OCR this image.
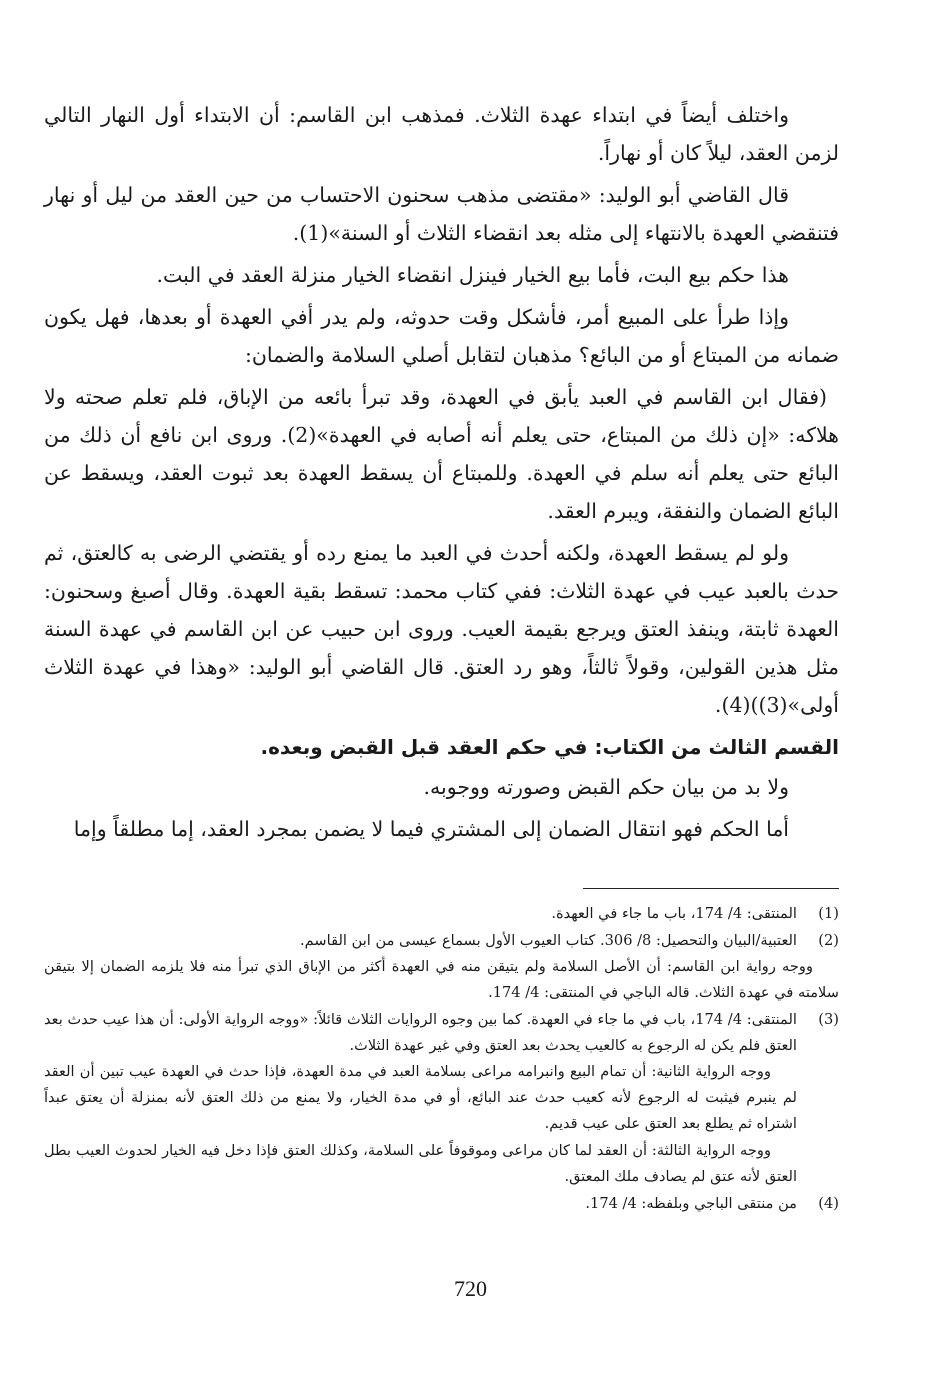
واختلف أيضاً في ابتداء عهدة الثلاث. فمذهب ابن القاسم: أن الابتداء أول النهار التالي لزمن العقد، ليلاً كان أو نهاراً.

قال القاضي أبو الوليد: «مقتضى مذهب سحنون الاحتساب من حين العقد من ليل أو نهار فتنقضي العهدة بالانتهاء إلى مثله بعد انقضاء الثلاث أو السنة»(1).

هذا حكم بيع البت، فأما بيع الخيار فينزل انقضاء الخيار منزلة العقد في البت.

وإذا طرأ على المبيع أمر، فأشكل وقت حدوثه، ولم يدر أفي العهدة أو بعدها، فهل يكون ضمانه من المبتاع أو من البائع؟ مذهبان لتقابل أصلي السلامة والضمان:

(فقال ابن القاسم في العبد يأبق في العهدة، وقد تبرأ بائعه من الإباق، فلم تعلم صحته ولا هلاكه: «إن ذلك من المبتاع، حتى يعلم أنه أصابه في العهدة»(2). وروى ابن نافع أن ذلك من البائع حتى يعلم أنه سلم في العهدة. وللمبتاع أن يسقط العهدة بعد ثبوت العقد، ويسقط عن البائع الضمان والنفقة، ويبرم العقد.

ولو لم يسقط العهدة، ولكنه أحدث في العبد ما يمنع رده أو يقتضي الرضى به كالعتق، ثم حدث بالعبد عيب في عهدة الثلاث: ففي كتاب محمد: تسقط بقية العهدة. وقال أصبغ وسحنون: العهدة ثابتة، وينفذ العتق ويرجع بقيمة العيب. وروى ابن حبيب عن ابن القاسم في عهدة السنة مثل هذين القولين، وقولاً ثالثاً، وهو رد العتق. قال القاضي أبو الوليد: «وهذا في عهدة الثلاث أولى»(3))(4).

القسم الثالث من الكتاب: في حكم العقد قبل القبض وبعده.

ولا بد من بيان حكم القبض وصورته ووجوبه.

أما الحكم فهو انتقال الضمان إلى المشتري فيما لا يضمن بمجرد العقد، إما مطلقاً وإما

(1)
المنتقى: 4/ 174، باب ما جاء في العهدة.
(2)
العتبية/البيان والتحصيل: 8/ 306. كتاب العيوب الأول بسماع عيسى من ابن القاسم.
ووجه رواية ابن القاسم: أن الأصل السلامة ولم يتيقن منه في العهدة أكثر من الإباق الذي تبرأ منه فلا يلزمه الضمان إلا بتيقن سلامته في عهدة الثلاث. قاله الباجي في المنتقى: 4/ 174.
(3)
المنتقى: 4/ 174، باب في ما جاء في العهدة. كما بين وجوه الروايات الثلاث قائلاً: «ووجه الرواية الأولى: أن هذا عيب حدث بعد العتق فلم يكن له الرجوع به كالعيب يحدث بعد العتق وفي غير عهدة الثلاث.
ووجه الرواية الثانية: أن تمام البيع وانبرامه مراعى بسلامة العبد في مدة العهدة، فإذا حدث في العهدة عيب تبين أن العقد لم ينبرم فيثبت له الرجوع لأنه كعيب حدث عند البائع، أو في مدة الخيار، ولا يمنع من ذلك العتق لأنه بمنزلة أن يعتق عبداً اشتراه ثم يطلع بعد العتق على عيب قديم.
ووجه الرواية الثالثة: أن العقد لما كان مراعى وموقوفاً على السلامة، وكذلك العتق فإذا دخل فيه الخيار لحدوث العيب بطل العتق لأنه عتق لم يصادف ملك المعتق.
(4)
من منتقى الباجي وبلفظه: 4/ 174.
720
